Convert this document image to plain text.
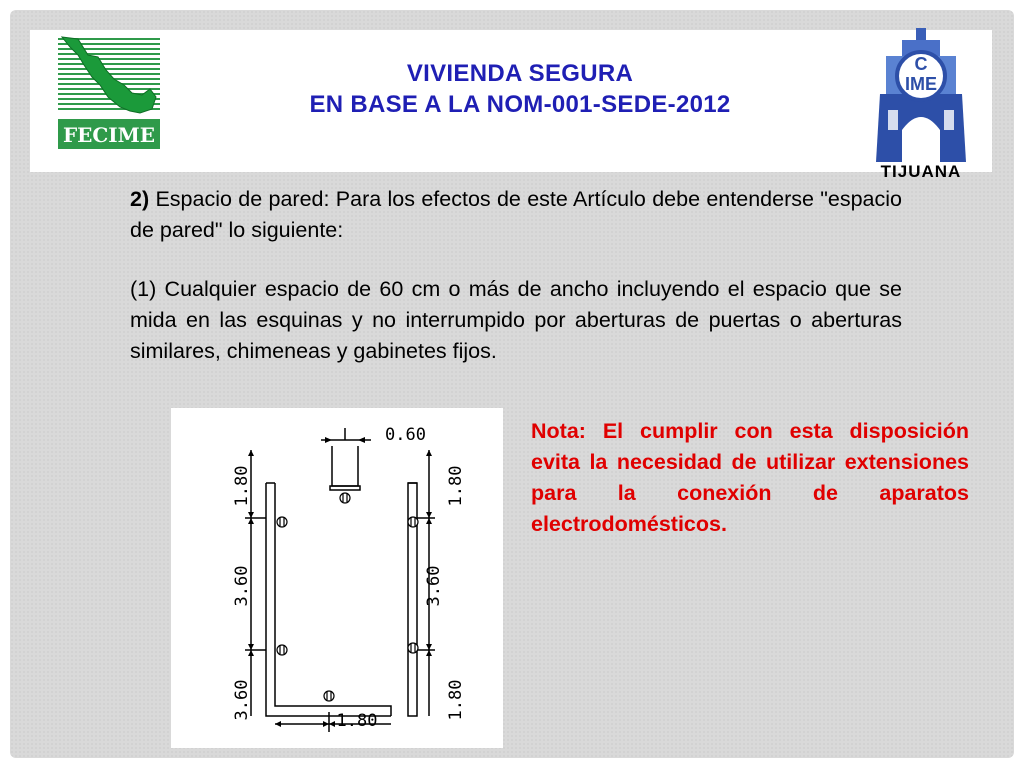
FECIME
VIVIENDA SEGURA
EN BASE A LA NOM-001-SEDE-2012
C
IME
TIJUANA

2) Espacio de pared: Para los efectos de este Artículo debe entenderse "espacio de pared" lo siguiente:

(1) Cualquier espacio de 60 cm o más de ancho incluyendo el espacio que se mida en las esquinas y no interrumpido por aberturas de puertas o aberturas similares, chimeneas y gabinetes fijos.

0.60
1.80
3.60
3.60
1.80
3.60
1.80
1.80
Nota: El cumplir con esta disposición evita la necesidad de utilizar extensiones para la conexión de aparatos electrodomésticos.
